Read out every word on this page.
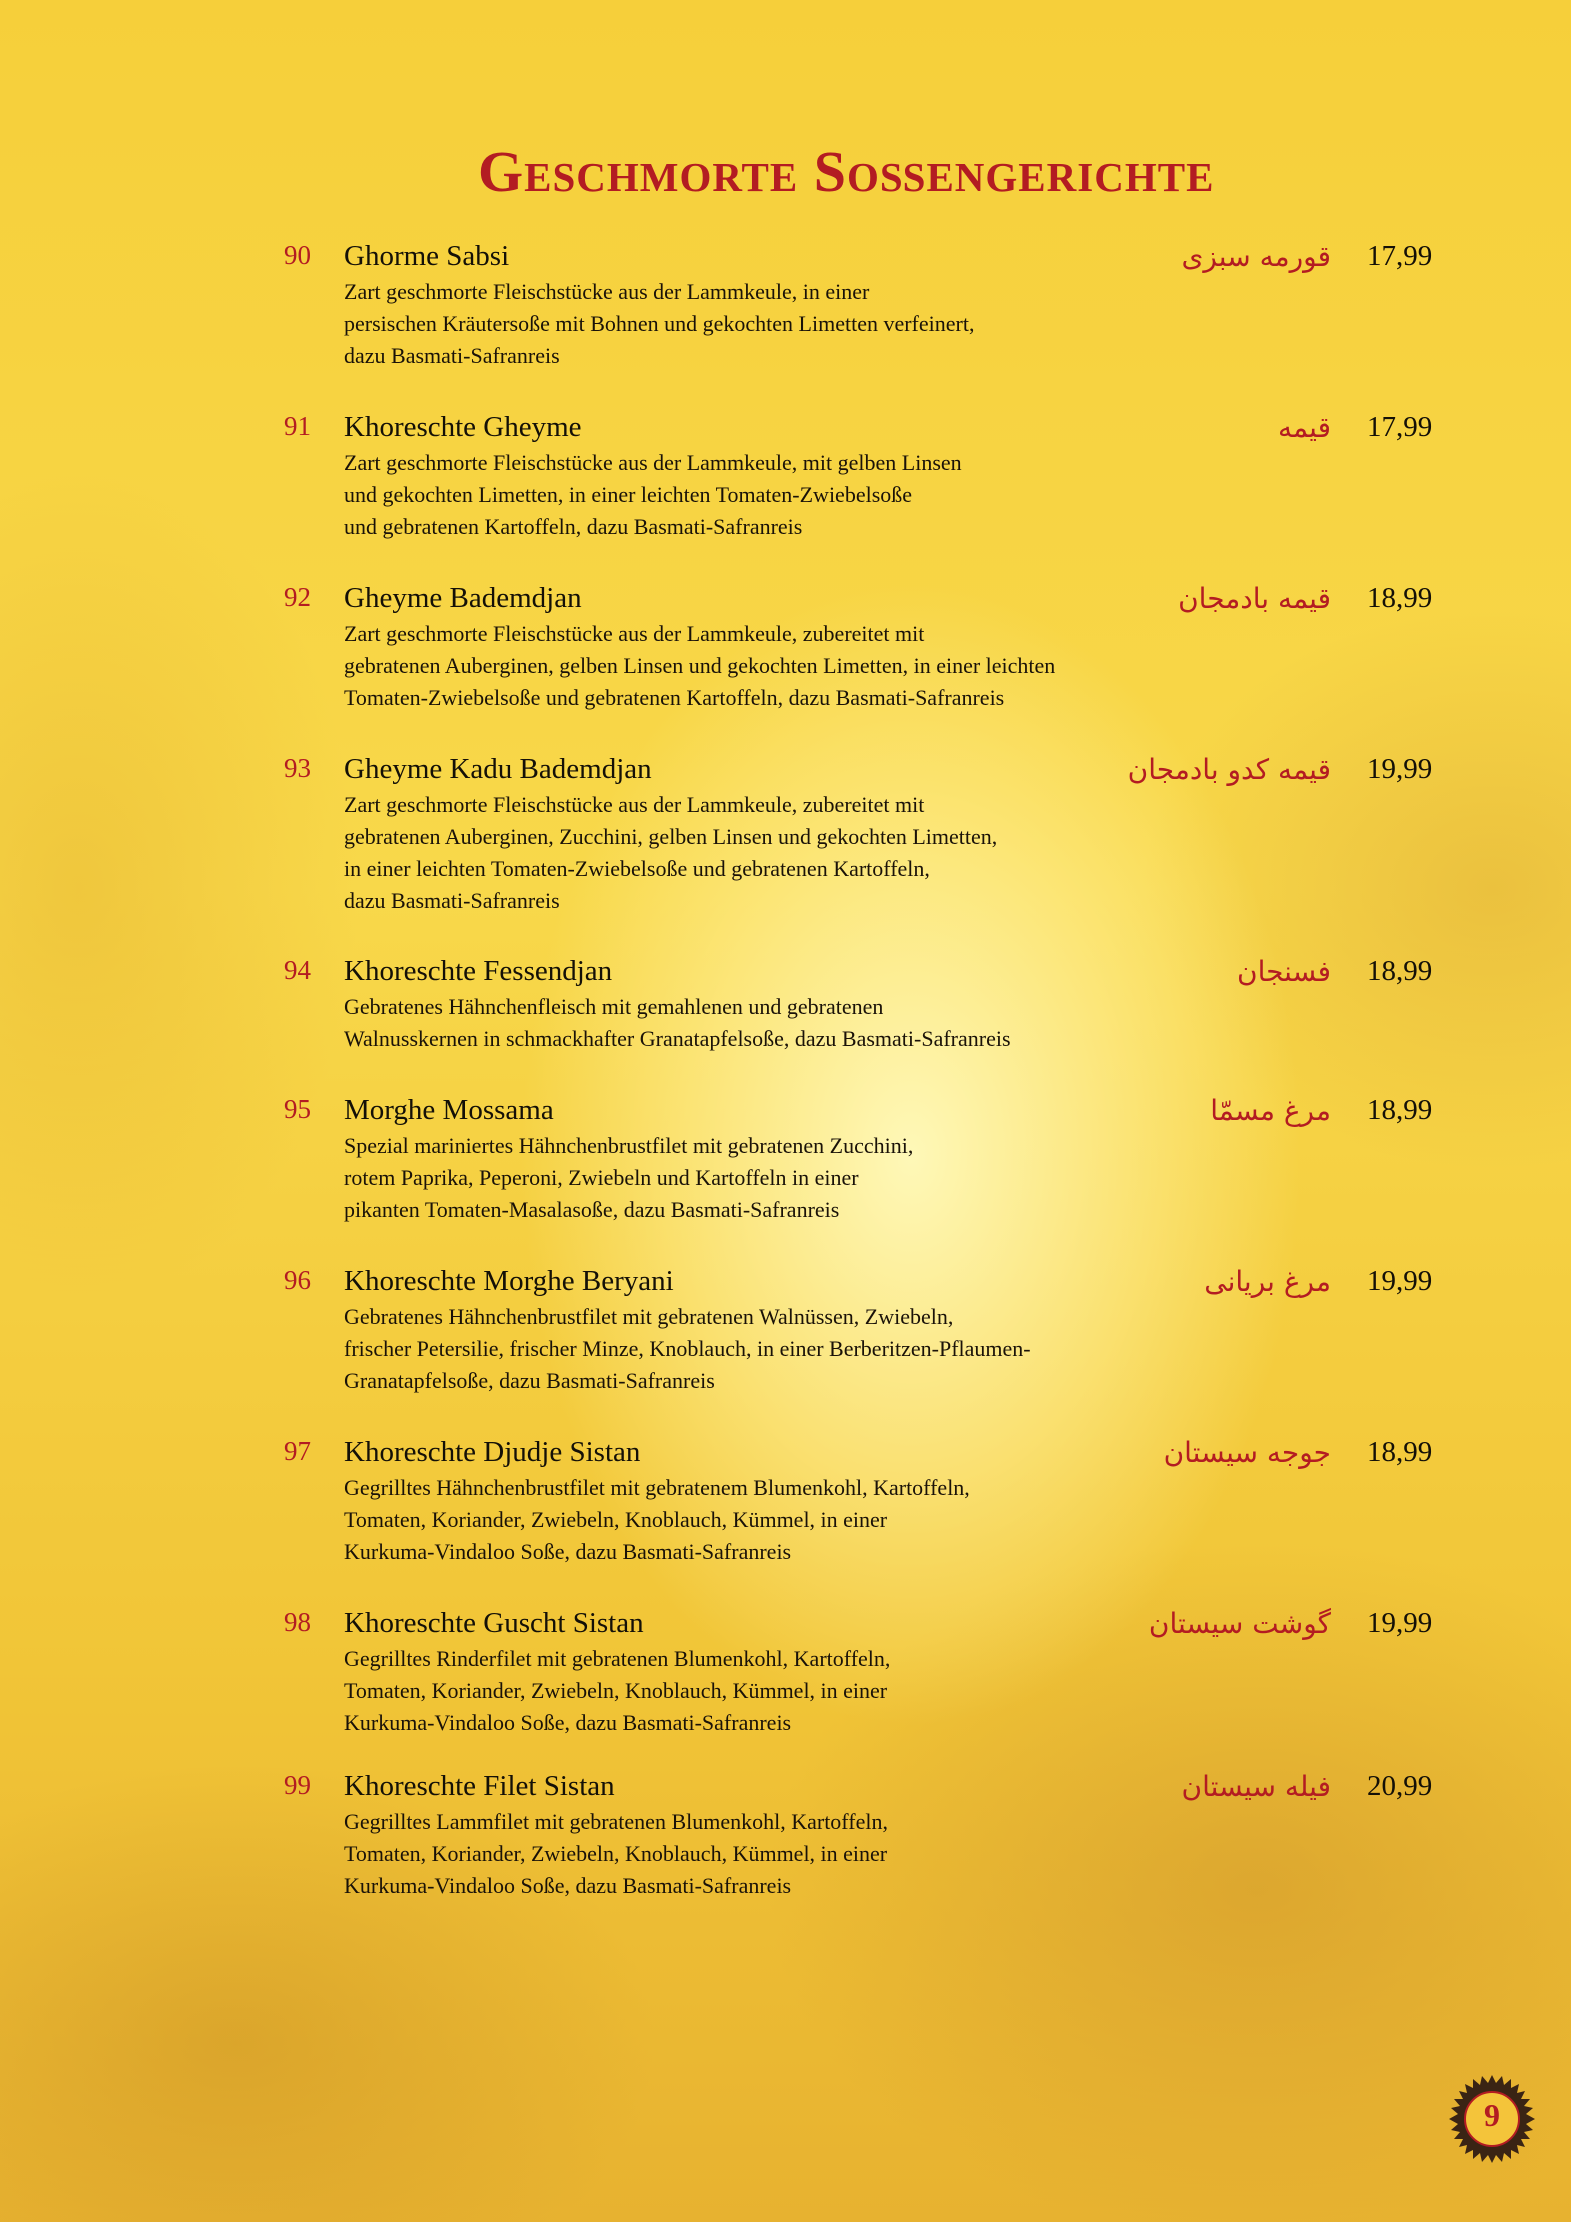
Geschmorte Soßengerichte
90 Ghorme Sabsi	قورمه سبزی 17,99
Zart geschmorte Fleischstücke aus der Lammkeule, in einer
persischen Kräutersoße mit Bohnen und gekochten Limetten verfeinert,
dazu Basmati-Safranreis
91 Khoreschte Gheyme	قیمه 17,99
Zart geschmorte Fleischstücke aus der Lammkeule, mit gelben Linsen
und gekochten Limetten, in einer leichten Tomaten-Zwiebelsoße
und gebratenen Kartoffeln, dazu Basmati-Safranreis
92 Gheyme Bademdjan	قیمه بادمجان 18,99
Zart geschmorte Fleischstücke aus der Lammkeule, zubereitet mit
gebratenen Auberginen, gelben Linsen und gekochten Limetten, in einer leichten
Tomaten-Zwiebelsoße und gebratenen Kartoffeln, dazu Basmati-Safranreis
93 Gheyme Kadu Bademdjan	قیمه کدو بادمجان 19,99
Zart geschmorte Fleischstücke aus der Lammkeule, zubereitet mit
gebratenen Auberginen, Zucchini, gelben Linsen und gekochten Limetten,
in einer leichten Tomaten-Zwiebelsoße und gebratenen Kartoffeln,
dazu Basmati-Safranreis
94 Khoreschte Fessendjan	فسنجان 18,99
Gebratenes Hähnchenfleisch mit gemahlenen und gebratenen
Walnusskernen in schmackhafter Granatapfelsoße, dazu Basmati-Safranreis
95 Morghe Mossama	مرغ مسمّا 18,99
Spezial mariniertes Hähnchenbrustfilet mit gebratenen Zucchini,
rotem Paprika, Peperoni, Zwiebeln und Kartoffeln in einer
pikanten Tomaten-Masalasoße, dazu Basmati-Safranreis
96 Khoreschte Morghe Beryani	مرغ بریانی 19,99
Gebratenes Hähnchenbrustfilet mit gebratenen Walnüssen, Zwiebeln,
frischer Petersilie, frischer Minze, Knoblauch, in einer Berberitzen-Pflaumen-
Granatapfelsoße, dazu Basmati-Safranreis
97 Khoreschte Djudje Sistan	جوجه سیستان 18,99
Gegrilltes Hähnchenbrustfilet mit gebratenem Blumenkohl, Kartoffeln,
Tomaten, Koriander, Zwiebeln, Knoblauch, Kümmel, in einer
Kurkuma-Vindaloo Soße, dazu Basmati-Safranreis
98 Khoreschte Guscht Sistan	گوشت سیستان 19,99
Gegrilltes Rinderfilet mit gebratenen Blumenkohl, Kartoffeln,
Tomaten, Koriander, Zwiebeln, Knoblauch, Kümmel, in einer
Kurkuma-Vindaloo Soße, dazu Basmati-Safranreis
99 Khoreschte Filet Sistan	فیله سیستان 20,99
Gegrilltes Lammfilet mit gebratenen Blumenkohl, Kartoffeln,
Tomaten, Koriander, Zwiebeln, Knoblauch, Kümmel, in einer
Kurkuma-Vindaloo Soße, dazu Basmati-Safranreis
9
